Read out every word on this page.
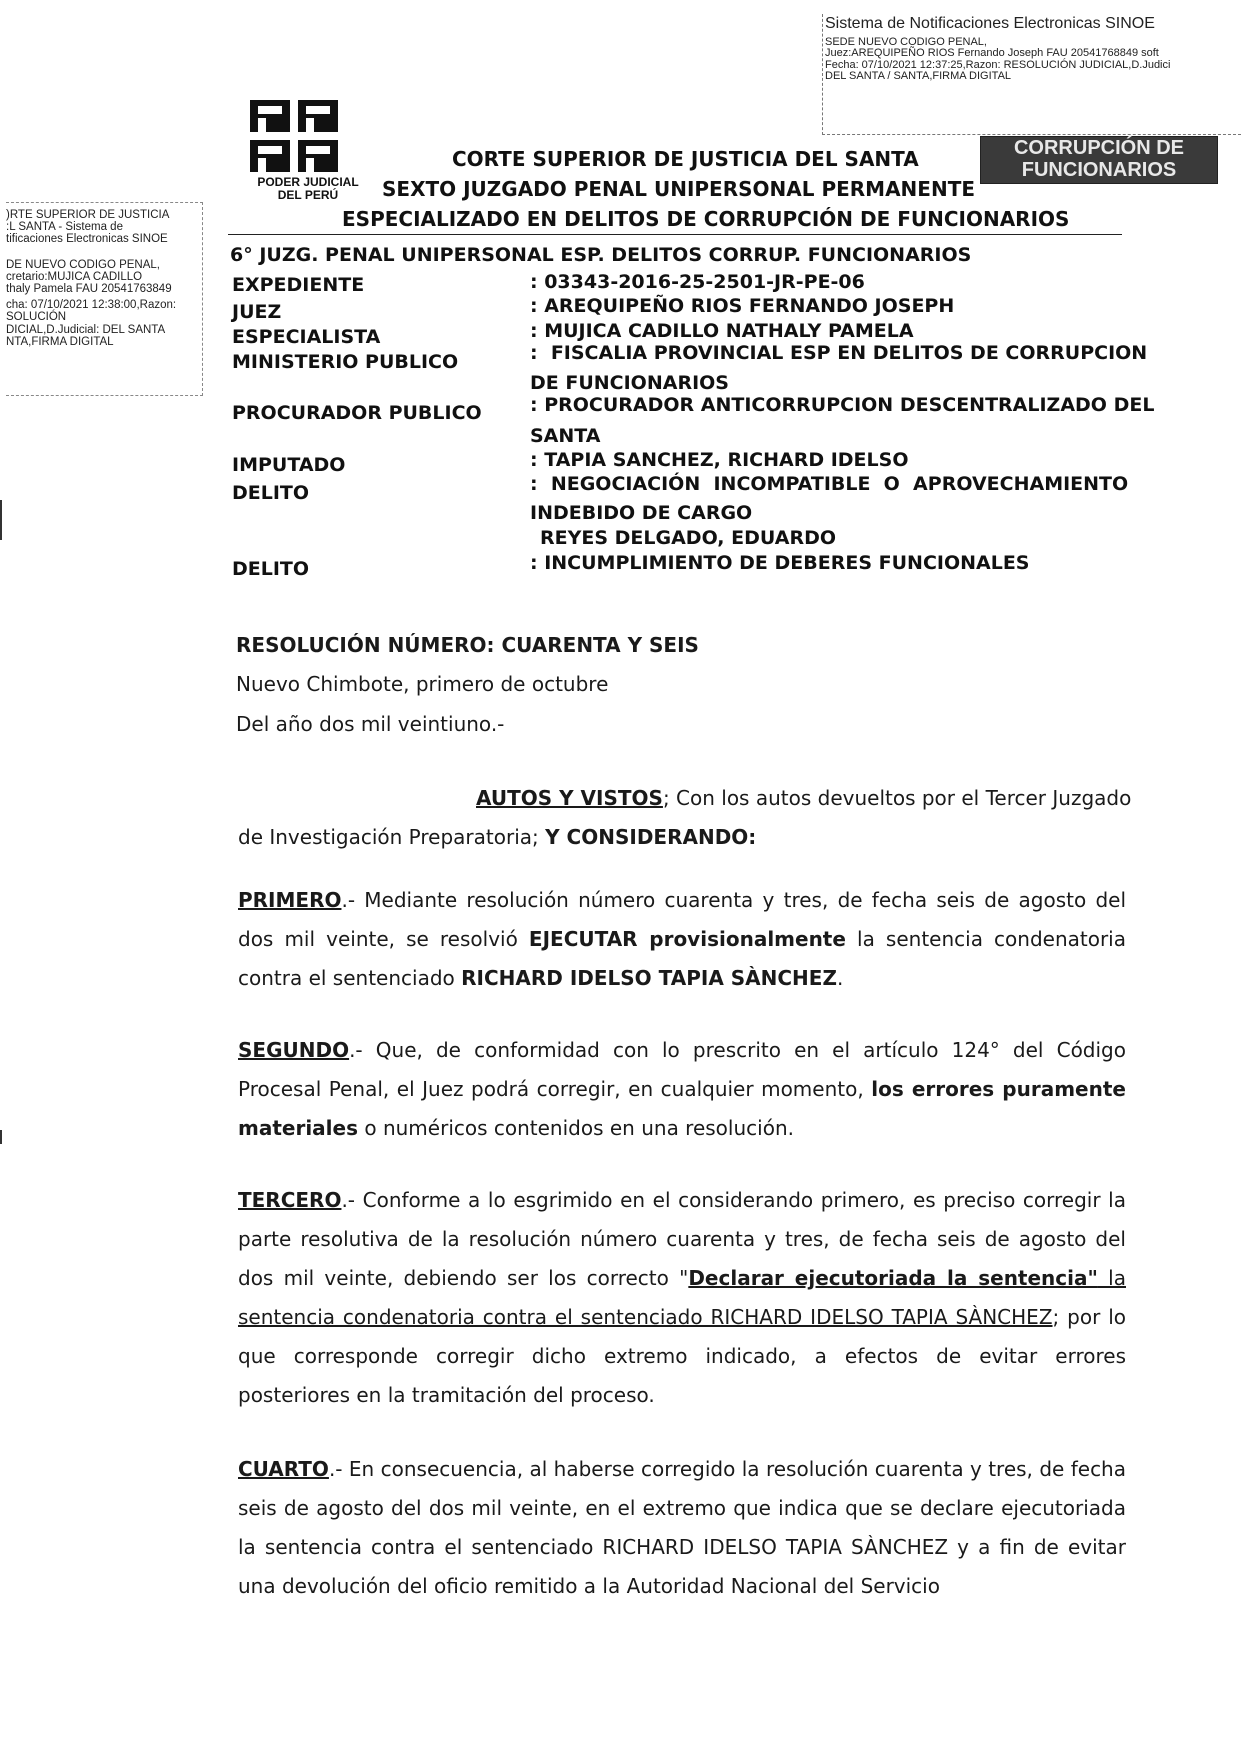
Sistema de Notificaciones Electronicas SINOE
SEDE NUEVO CODIGO PENAL,
Juez:AREQUIPEÑO RIOS Fernando Joseph FAU 20541768849 soft
Fecha: 07/10/2021 12:37:25,Razon: RESOLUCIÓN JUDICIAL,D.Judici
DEL SANTA / SANTA,FIRMA DIGITAL
)RTE SUPERIOR DE JUSTICIA
:L SANTA - Sistema de
tificaciones Electronicas SINOE
DE NUEVO CODIGO PENAL,
cretario:MUJICA CADILLO
thaly Pamela FAU 20541763849
cha: 07/10/2021 12:38:00,Razon:
SOLUCIÓN
DICIAL,D.Judicial: DEL SANTA
NTA,FIRMA DIGITAL
PODER JUDICIAL
DEL PERÚ
CORTE SUPERIOR DE JUSTICIA DEL SANTA
SEXTO JUZGADO PENAL UNIPERSONAL PERMANENTE
ESPECIALIZADO EN DELITOS DE CORRUPCIÓN DE FUNCIONARIOS
CORRUPCIÓN DE
FUNCIONARIOS
6° JUZG. PENAL UNIPERSONAL ESP. DELITOS CORRUP. FUNCIONARIOS
EXPEDIENTE	: 03343-2016-25-2501-JR-PE-06
JUEZ	: AREQUIPEÑO RIOS FERNANDO JOSEPH
ESPECIALISTA	: MUJICA CADILLO NATHALY PAMELA
MINISTERIO PUBLICO	:  FISCALIA PROVINCIAL ESP EN DELITOS DE CORRUPCION
DE FUNCIONARIOS
PROCURADOR PUBLICO	: PROCURADOR ANTICORRUPCION DESCENTRALIZADO DEL
SANTA
IMPUTADO	: TAPIA SANCHEZ, RICHARD IDELSO
DELITO	:  NEGOCIACIÓN  INCOMPATIBLE  O  APROVECHAMIENTO
INDEBIDO DE CARGO
REYES DELGADO, EDUARDO
DELITO	: INCUMPLIMIENTO DE DEBERES FUNCIONALES
RESOLUCIÓN NÚMERO: CUARENTA Y SEIS
Nuevo Chimbote, primero de octubre
Del año dos mil veintiuno.-
AUTOS Y VISTOS; Con los autos devueltos por el Tercer Juzgado
de Investigación Preparatoria; Y CONSIDERANDO:
PRIMERO.- Mediante resolución número cuarenta y tres, de fecha seis de agosto del dos mil veinte, se resolvió EJECUTAR provisionalmente la sentencia condenatoria contra el sentenciado RICHARD IDELSO TAPIA SÀNCHEZ.
SEGUNDO.- Que, de conformidad con lo prescrito en el artículo 124° del Código Procesal Penal, el Juez podrá corregir, en cualquier momento, los errores puramente materiales o numéricos contenidos en una resolución.
TERCERO.- Conforme a lo esgrimido en el considerando primero, es preciso corregir la parte resolutiva de la resolución número cuarenta y tres, de fecha seis de agosto del dos mil veinte, debiendo ser los correcto "Declarar ejecutoriada la sentencia" la sentencia condenatoria contra el sentenciado RICHARD IDELSO TAPIA SÀNCHEZ; por lo que corresponde corregir dicho extremo indicado, a efectos de evitar errores posteriores en la tramitación del proceso.
CUARTO.- En consecuencia, al haberse corregido la resolución cuarenta y tres, de fecha seis de agosto del dos mil veinte, en el extremo que indica que se declare ejecutoriada la sentencia contra el sentenciado RICHARD IDELSO TAPIA SÀNCHEZ y a fin de evitar una devolución del oficio remitido a la Autoridad Nacional del Servicio
